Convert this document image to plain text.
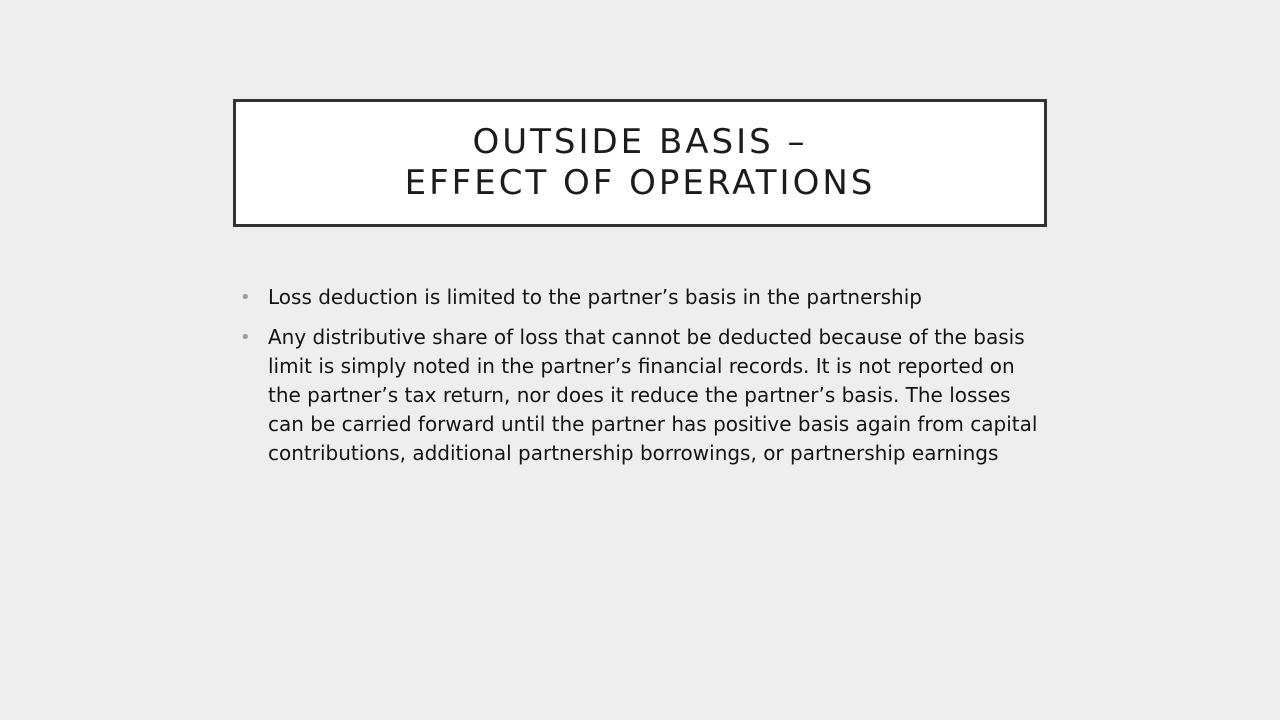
OUTSIDE BASIS –
EFFECT OF OPERATIONS
• Loss deduction is limited to the partner’s basis in the partnership
• Any distributive share of loss that cannot be deducted because of the basis limit is simply noted in the partner’s financial records. It is not reported on the partner’s tax return, nor does it reduce the partner’s basis. The losses can be carried forward until the partner has positive basis again from capital contributions, additional partnership borrowings, or partnership earnings
